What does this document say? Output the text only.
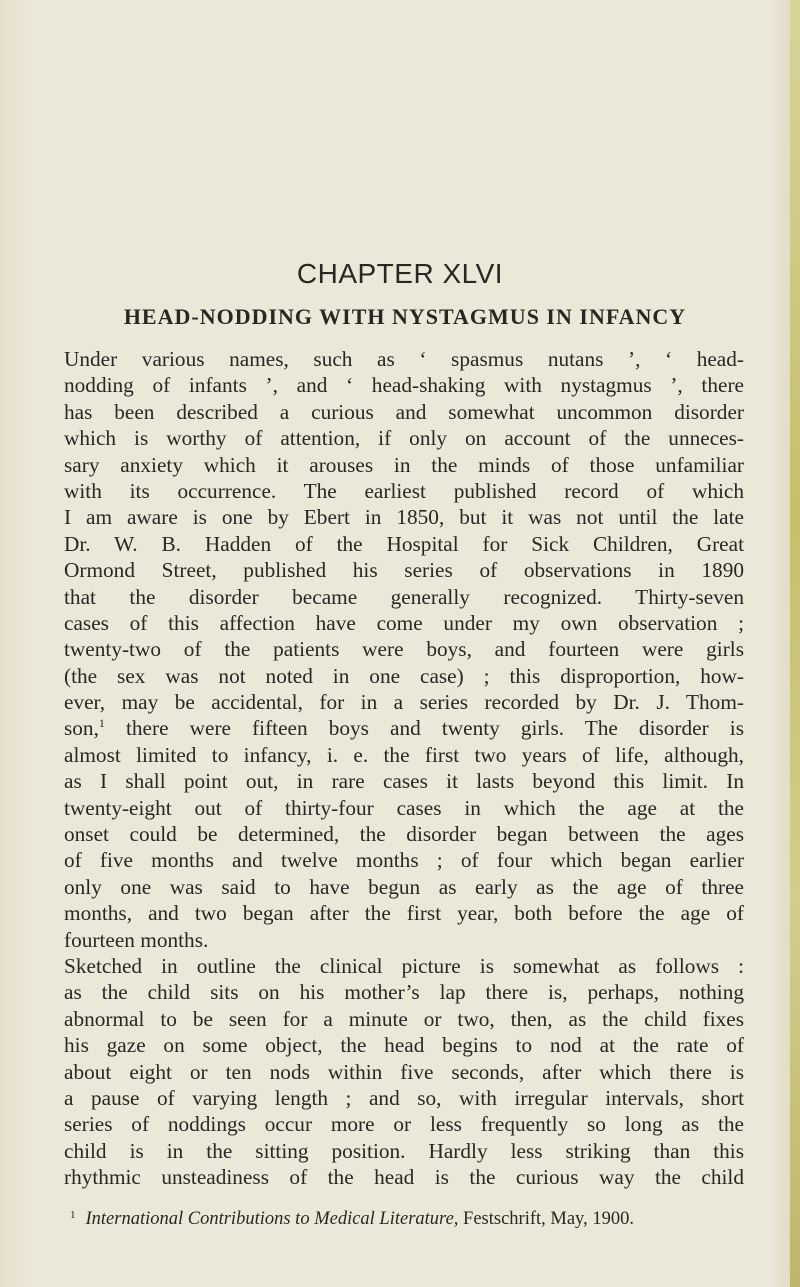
CHAPTER XLVI
HEAD-NODDING WITH NYSTAGMUS IN INFANCY
Under various names, such as ‘ spasmus nutans ’, ‘ head-
nodding of infants ’, and ‘ head-shaking with nystagmus ’, there
has been described a curious and somewhat uncommon disorder
which is worthy of attention, if only on account of the unneces-
sary anxiety which it arouses in the minds of those unfamiliar
with its occurrence. The earliest published record of which
I am aware is one by Ebert in 1850, but it was not until the late
Dr. W. B. Hadden of the Hospital for Sick Children, Great
Ormond Street, published his series of observations in 1890
that the disorder became generally recognized. Thirty-seven
cases of this affection have come under my own observation ;
twenty-two of the patients were boys, and fourteen were girls
(the sex was not noted in one case) ; this disproportion, how-
ever, may be accidental, for in a series recorded by Dr. J. Thom-
son,$^1$ there were fifteen boys and twenty girls. The disorder is
almost limited to infancy, i. e. the first two years of life, although,
as I shall point out, in rare cases it lasts beyond this limit. In
twenty-eight out of thirty-four cases in which the age at the
onset could be determined, the disorder began between the ages
of five months and twelve months ; of four which began earlier
only one was said to have begun as early as the age of three
months, and two began after the first year, both before the age of
fourteen months.
Sketched in outline the clinical picture is somewhat as follows :
as the child sits on his mother’s lap there is, perhaps, nothing
abnormal to be seen for a minute or two, then, as the child fixes
his gaze on some object, the head begins to nod at the rate of
about eight or ten nods within five seconds, after which there is
a pause of varying length ; and so, with irregular intervals, short
series of noddings occur more or less frequently so long as the
child is in the sitting position. Hardly less striking than this
rhythmic unsteadiness of the head is the curious way the child
$^1$ International Contributions to Medical Literature, Festschrift, May, 1900.
